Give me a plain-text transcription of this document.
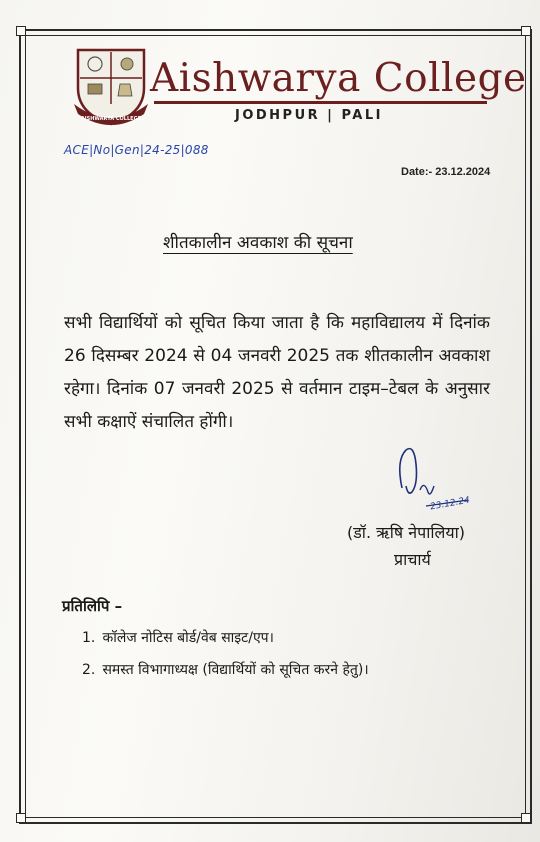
AISHWARYA COLLEGE
Aishwarya College
JODHPUR | PALI
ACE|No|Gen|24-25|088
Date:- 23.12.2024
शीतकालीन अवकाश की सूचना
सभी विद्यार्थियों को सूचित किया जाता है कि महाविद्यालय में दिनांक 26 दिसम्बर 2024 से 04 जनवरी 2025 तक शीतकालीन अवकाश रहेगा। दिनांक 07 जनवरी 2025 से वर्तमान टाइम–टेबल के अनुसार सभी कक्षाऐं संचालित होंगी।
23.12.24
(डॉ. ऋषि नेपालिया)
प्राचार्य
प्रतिलिपि –
1. कॉलेज नोटिस बोर्ड/वेब साइट/एप।
2. समस्त विभागाध्यक्ष (विद्यार्थियों को सूचित करने हेतु)।
